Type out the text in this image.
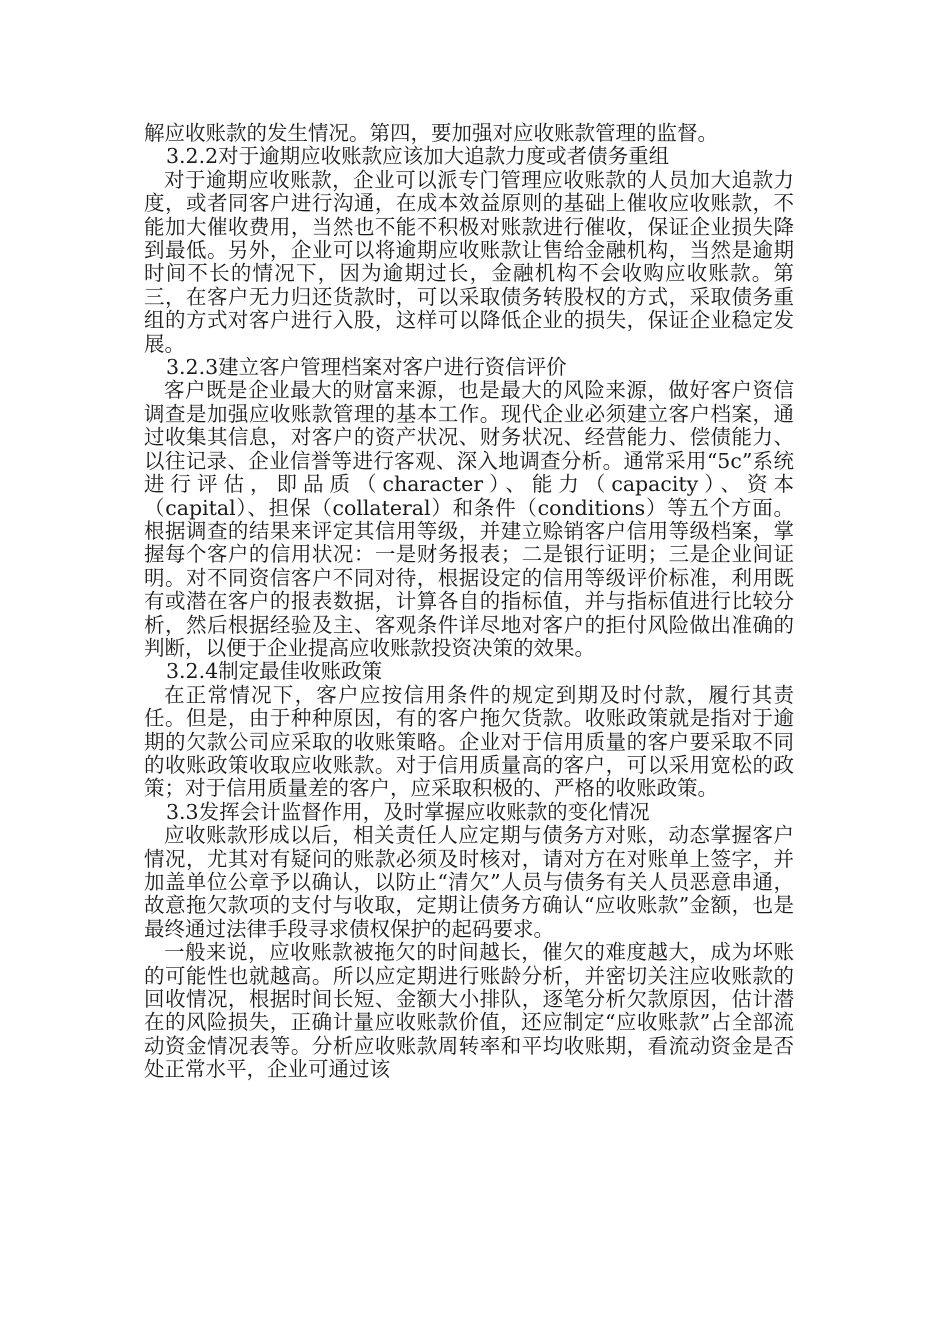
解应收账款的发生情况。第四，要加强对应收账款管理的监督。

3.2.2对于逾期应收账款应该加大追款力度或者债务重组

对于逾期应收账款，企业可以派专门管理应收账款的人员加大追款力度，或者同客户进行沟通，在成本效益原则的基础上催收应收账款，不能加大催收费用，当然也不能不积极对账款进行催收，保证企业损失降到最低。另外，企业可以将逾期应收账款让售给金融机构，当然是逾期时间不长的情况下，因为逾期过长，金融机构不会收购应收账款。第三，在客户无力归还货款时，可以采取债务转股权的方式，采取债务重组的方式对客户进行入股，这样可以降低企业的损失，保证企业稳定发展。

3.2.3建立客户管理档案对客户进行资信评价

客户既是企业最大的财富来源，也是最大的风险来源，做好客户资信调查是加强应收账款管理的基本工作。现代企业必须建立客户档案，通过收集其信息，对客户的资产状况、财务状况、经营能力、偿债能力、以往记录、企业信誉等进行客观、深入地调查分析。通常采用“5c”系统进行评估，即品质（character）、能力（capacity）、资本（capital）、担保（collateral）和条件（conditions）等五个方面。根据调查的结果来评定其信用等级，并建立赊销客户信用等级档案，掌握每个客户的信用状况：一是财务报表；二是银行证明；三是企业间证明。对不同资信客户不同对待，根据设定的信用等级评价标准，利用既有或潜在客户的报表数据，计算各自的指标值，并与指标值进行比较分析，然后根据经验及主、客观条件详尽地对客户的拒付风险做出准确的判断，以便于企业提高应收账款投资决策的效果。

3.2.4制定最佳收账政策

在正常情况下，客户应按信用条件的规定到期及时付款，履行其责任。但是，由于种种原因，有的客户拖欠货款。收账政策就是指对于逾期的欠款公司应采取的收账策略。企业对于信用质量的客户要采取不同的收账政策收取应收账款。对于信用质量高的客户，可以采用宽松的政策；对于信用质量差的客户，应采取积极的、严格的收账政策。

3.3发挥会计监督作用，及时掌握应收账款的变化情况

应收账款形成以后，相关责任人应定期与债务方对账，动态掌握客户情况，尤其对有疑问的账款必须及时核对，请对方在对账单上签字，并加盖单位公章予以确认，以防止“清欠”人员与债务有关人员恶意串通，故意拖欠款项的支付与收取，定期让债务方确认“应收账款”金额，也是最终通过法律手段寻求债权保护的起码要求。

一般来说，应收账款被拖欠的时间越长，催欠的难度越大，成为坏账的可能性也就越高。所以应定期进行账龄分析，并密切关注应收账款的回收情况，根据时间长短、金额大小排队，逐笔分析欠款原因，估计潜在的风险损失，正确计量应收账款价值，还应制定“应收账款”占全部流动资金情况表等。分析应收账款周转率和平均收账期，看流动资金是否处正常水平，企业可通过该
